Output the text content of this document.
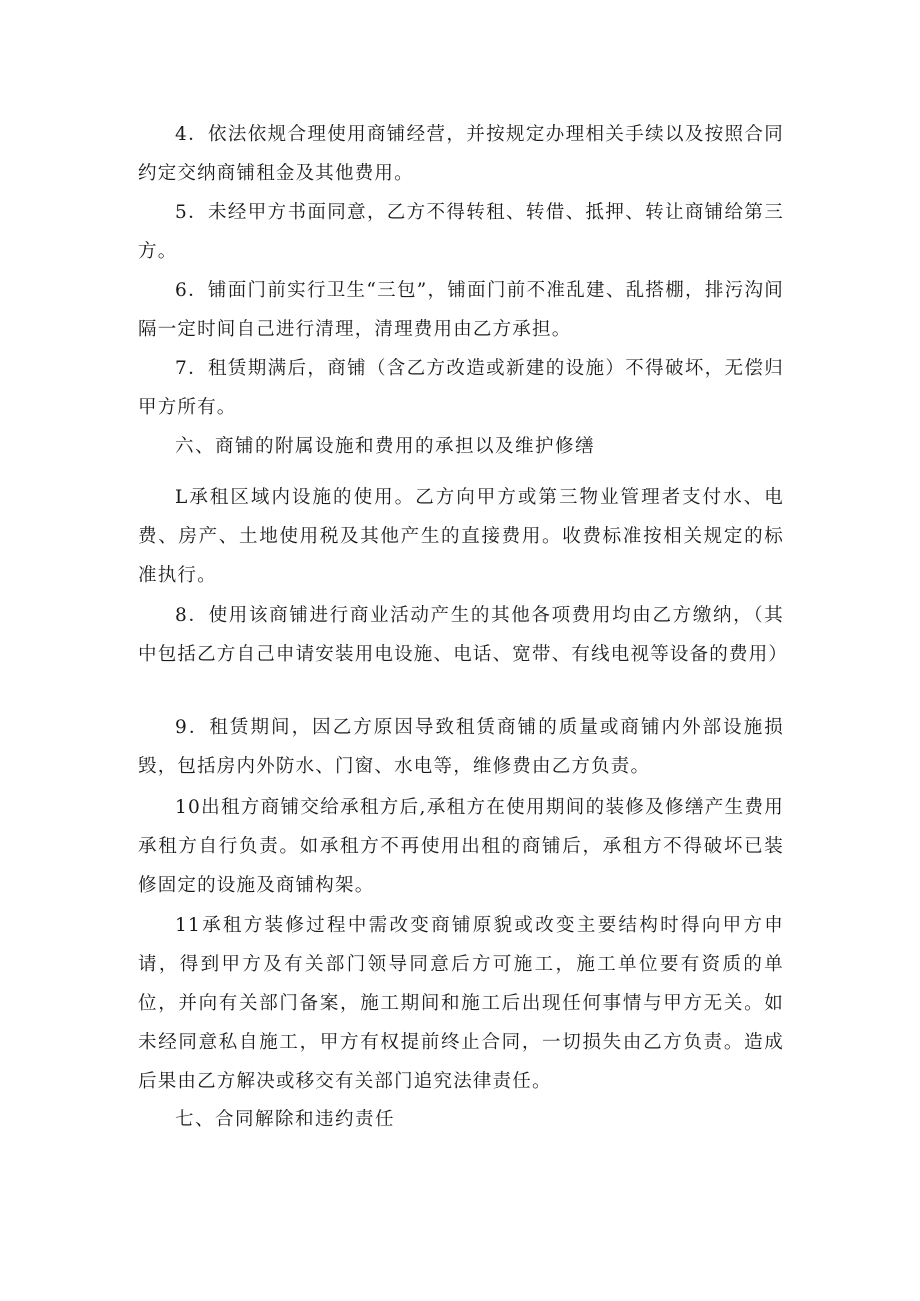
4．依法依规合理使用商铺经营，并按规定办理相关手续以及按照合同约定交纳商铺租金及其他费用。

5．未经甲方书面同意，乙方不得转租、转借、抵押、转让商铺给第三方。

6．铺面门前实行卫生“三包”，铺面门前不准乱建、乱搭棚，排污沟间隔一定时间自己进行清理，清理费用由乙方承担。

7．租赁期满后，商铺（含乙方改造或新建的设施）不得破坏，无偿归甲方所有。

六、商铺的附属设施和费用的承担以及维护修缮

L承租区域内设施的使用。乙方向甲方或第三物业管理者支付水、电费、房产、土地使用税及其他产生的直接费用。收费标准按相关规定的标准执行。

8．使用该商铺进行商业活动产生的其他各项费用均由乙方缴纳，（其中包括乙方自己申请安装用电设施、电话、宽带、有线电视等设备的费用）

9．租赁期间，因乙方原因导致租赁商铺的质量或商铺内外部设施损毁，包括房内外防水、门窗、水电等，维修费由乙方负责。

10出租方商铺交给承租方后,承租方在使用期间的装修及修缮产生费用承租方自行负责。如承租方不再使用出租的商铺后，承租方不得破坏已装修固定的设施及商铺构架。

11承租方装修过程中需改变商铺原貌或改变主要结构时得向甲方申请，得到甲方及有关部门领导同意后方可施工，施工单位要有资质的单位，并向有关部门备案，施工期间和施工后出现任何事情与甲方无关。如未经同意私自施工，甲方有权提前终止合同，一切损失由乙方负责。造成后果由乙方解决或移交有关部门追究法律责任。

七、合同解除和违约责任
